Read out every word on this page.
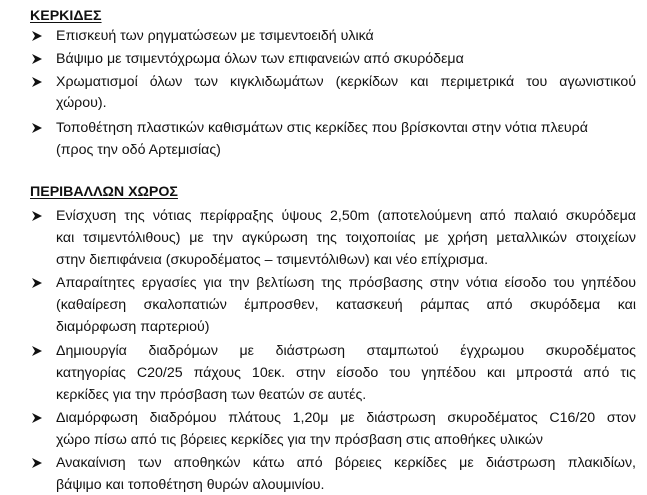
ΚΕΡΚΙΔΕΣ
Επισκευή των ρηγματώσεων με τσιμεντοειδή υλικά
Βάψιμο με τσιμεντόχρωμα όλων των επιφανειών από σκυρόδεμα
Χρωματισμοί όλων των κιγκλιδωμάτων (κερκίδων και περιμετρικά του αγωνιστικού
χώρου).
Τοποθέτηση πλαστικών καθισμάτων στις κερκίδες που βρίσκονται στην νότια πλευρά
(προς την οδό Αρτεμισίας)
ΠΕΡΙΒΑΛΛΩΝ ΧΩΡΟΣ
Ενίσχυση της νότιας περίφραξης ύψους 2,50m (αποτελούμενη από παλαιό σκυρόδεμα
και τσιμεντόλιθους) με την αγκύρωση της τοιχοποιίας με χρήση μεταλλικών στοιχείων
στην διεπιφάνεια (σκυροδέματος – τσιμεντόλιθων) και νέο επίχρισμα.
Απαραίτητες εργασίες για την βελτίωση της πρόσβασης στην νότια είσοδο του γηπέδου
(καθαίρεση σκαλοπατιών έμπροσθεν, κατασκευή ράμπας από σκυρόδεμα και
διαμόρφωση παρτεριού)
Δημιουργία διαδρόμων με διάστρωση σταμπωτού έγχρωμου σκυροδέματος
κατηγορίας C20/25 πάχους 10εκ. στην είσοδο του γηπέδου και μπροστά από τις
κερκίδες για την πρόσβαση των θεατών σε αυτές.
Διαμόρφωση διαδρόμου πλάτους 1,20μ με διάστρωση σκυροδέματος C16/20 στον
χώρο πίσω από τις βόρειες κερκίδες για την πρόσβαση στις αποθήκες υλικών
Ανακαίνιση των αποθηκών κάτω από βόρειες κερκίδες με διάστρωση πλακιδίων,
βάψιμο και τοποθέτηση θυρών αλουμινίου.
